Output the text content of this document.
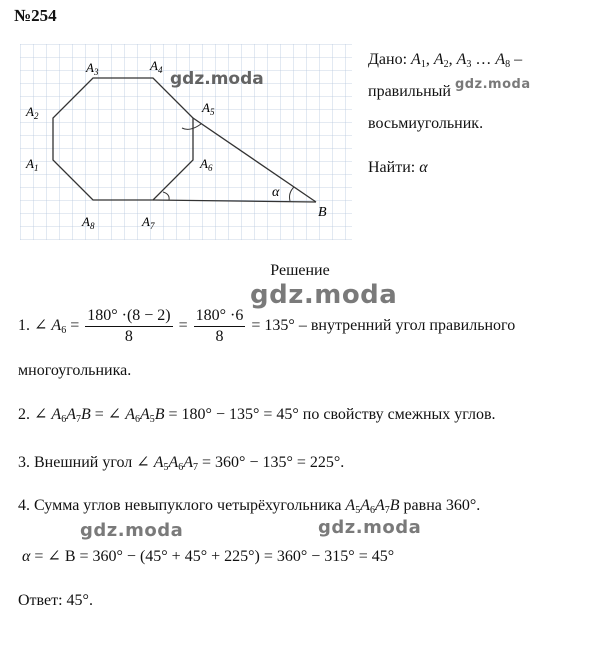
№254
$A_1$
$A_2$
$A_3$	$A_4$
$A_5$
$A_6$
$A_7$
$A_8$
B
α
gdz.moda
Дано: $A_1$, $A_2$, $A_3$ … $A_8$ –
правильный $^{gdz.moda}$
восьмиугольник.
Найти: α
Решение
gdz.moda
1. ∠ $A_6 = \frac{180^\circ \cdot(8 - 2)}{8} = \frac{180^\circ \cdot 6}{8} = 135^\circ$ – внутренний угол правильного
многоугольника.
2. ∠ $A_6A_7B$ = ∠ $A_6A_5B = 180^\circ - 135^\circ = 45^\circ$ по свойству смежных углов.
3. Внешний угол ∠ $A_5A_6A_7 = 360^\circ - 135^\circ = 225^\circ$.
4. Сумма углов невыпуклого четырёхугольника $A_5A_6A_7B$ равна 360°.
gdz.moda	gdz.moda
α = ∠ B = 360° − (45° + 45° + 225°) = 360° − 315° = 45°
Ответ: 45°.
